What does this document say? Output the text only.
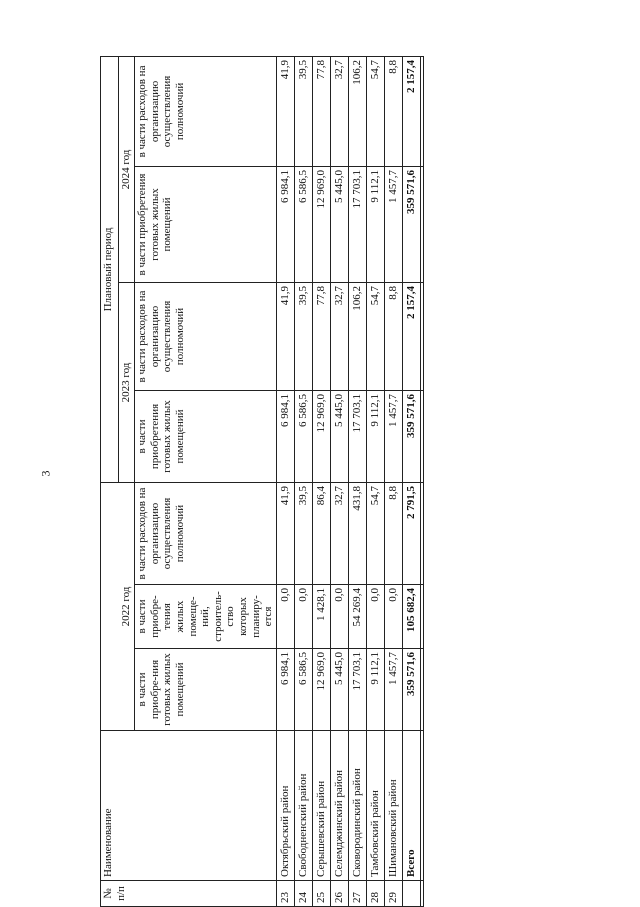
3
№ п/п	Наименование	2022 год			Плановый период			
					2023 год		2024 год	
		в части приобре-ния готовых жилых помещений	в части приобре-тения жилых помеще-ний, строитель-ство которых планиру-ется	в части расходов на организацию осуществления полномочий	в части приобретения готовых жилых помещений	в части расходов на организацию осуществления полномочий	в части приобретения готовых жилых помещений	в части расходов на организацию осуществления полномочий
23	Октябрьский район	6 984,1	0,0	41,9	6 984,1	41,9	6 984,1	41,9
24	Свободненский район	6 586,5	0,0	39,5	6 586,5	39,5	6 586,5	39,5
25	Серышевский район	12 969,0	1 428,1	86,4	12 969,0	77,8	12 969,0	77,8
26	Селемджинский район	5 445,0	0,0	32,7	5 445,0	32,7	5 445,0	32,7
27	Сковородинский район	17 703,1	54 269,4	431,8	17 703,1	106,2	17 703,1	106,2
28	Тамбовский район	9 112,1	0,0	54,7	9 112,1	54,7	9 112,1	54,7
29	Шимановский район	1 457,7	0,0	8,8	1 457,7	8,8	1 457,7	8,8
	Всего	359 571,6	105 682,4	2 791,5	359 571,6	2 157,4	359 571,6	2 157,4
